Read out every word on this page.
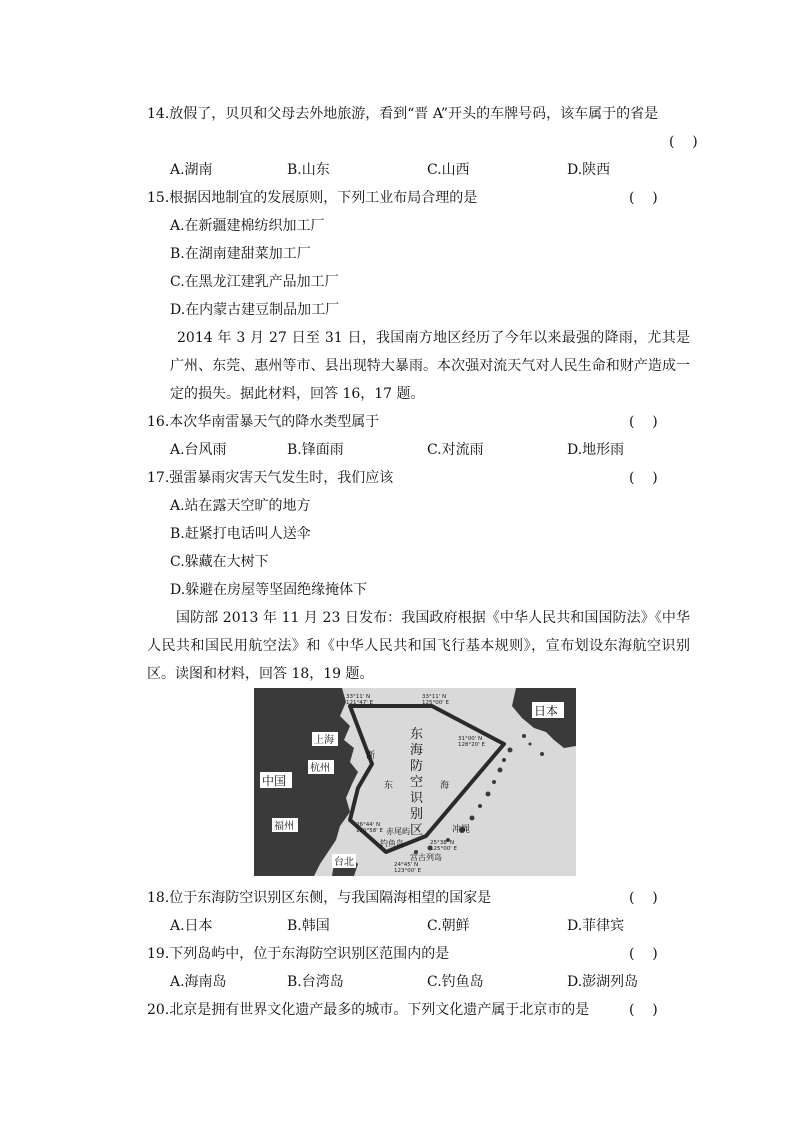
14.放假了，贝贝和父母去外地旅游，看到“晋 A”开头的车牌号码，该车属于的省是
(    )
A.湖南	B.山东	C.山西	D.陕西
15.根据因地制宜的发展原则，下列工业布局合理的是	(    )
A.在新疆建棉纺织加工厂
B.在湖南建甜菜加工厂
C.在黑龙江建乳产品加工厂
D.在内蒙古建豆制品加工厂
2014 年 3 月 27 日至 31 日，我国南方地区经历了今年以来最强的降雨，尤其是广州、东莞、惠州等市、县出现特大暴雨。本次强对流天气对人民生命和财产造成一定的损失。据此材料，回答 16，17 题。
16.本次华南雷暴天气的降水类型属于	(    )
A.台风雨	B.锋面雨	C.对流雨	D.地形雨
17.强雷暴雨灾害天气发生时，我们应该	(    )
A.站在露天空旷的地方
B.赶紧打电话叫人送伞
C.躲藏在大树下
D.躲避在房屋等坚固绝缘掩体下
国防部 2013 年 11 月 23 日发布：我国政府根据《中华人民共和国国防法》《中华人民共和国民用航空法》和《中华人民共和国飞行基本规则》，宣布划设东海航空识别区。读图和材料，回答 18，19 题。
33°11' N
121°47' E
33°11' N
125°00' E
31°00' N
128°20' E
25°38' N
125°00' E
26°44' N
120°58' E
24°45' N
123°00' E
上海
杭州
中国
福州
台北
日本
浙
东	海
东
海
防
空
识
别
区
赤尾屿
钓鱼岛
宫古列岛
冲绳
18.位于东海防空识别区东侧，与我国隔海相望的国家是	(    )
A.日本	B.韩国	C.朝鲜	D.菲律宾
19.下列岛屿中，位于东海防空识别区范围内的是	(    )
A.海南岛	B.台湾岛	C.钓鱼岛	D.澎湖列岛
20.北京是拥有世界文化遗产最多的城市。下列文化遗产属于北京市的是	(    )
